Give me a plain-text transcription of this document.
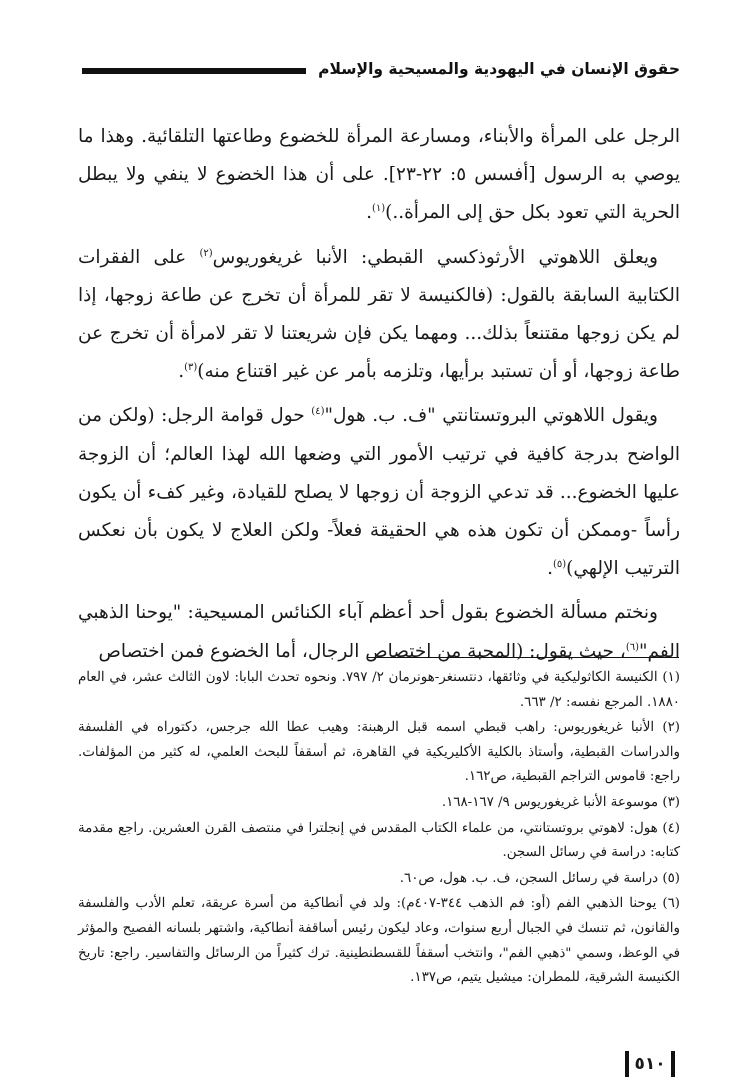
حقوق الإنسان في اليهودية والمسيحية والإسلام

الرجل على المرأة والأبناء، ومسارعة المرأة للخضوع وطاعتها التلقائية. وهذا ما يوصي به الرسول [أفسس ٥: ٢٢-٢٣]. على أن هذا الخضوع لا ينفي ولا يبطل الحرية التي تعود بكل حق إلى المرأة..)$^{(١)}$.

ويعلق اللاهوتي الأرثوذكسي القبطي: الأنبا غريغوريوس$^{(٢)}$ على الفقرات الكتابية السابقة بالقول: (فالكنيسة لا تقر للمرأة أن تخرج عن طاعة زوجها، إذا لم يكن زوجها مقتنعاً بذلك... ومهما يكن فإن شريعتنا لا تقر لامرأة أن تخرج عن طاعة زوجها، أو أن تستبد برأيها، وتلزمه بأمر عن غير اقتناع منه)$^{(٣)}$.

ويقول اللاهوتي البروتستانتي "ف. ب. هول"$^{(٤)}$ حول قوامة الرجل: (ولكن من الواضح بدرجة كافية في ترتيب الأمور التي وضعها الله لهذا العالم؛ أن الزوجة عليها الخضوع... قد تدعي الزوجة أن زوجها لا يصلح للقيادة، وغير كفء أن يكون رأساً -وممكن أن تكون هذه هي الحقيقة فعلاً- ولكن العلاج لا يكون بأن نعكس الترتيب الإلهي)$^{(٥)}$.

ونختم مسألة الخضوع بقول أحد أعظم آباء الكنائس المسيحية: "يوحنا الذهبي الفم"$^{(٦)}$، حيث يقول: (المحبة من اختصاص الرجال، أما الخضوع فمن اختصاص

(١) الكنيسة الكاثوليكية في وثائقها، دنتسنغر-هونرمان ٢/ ٧٩٧. ونحوه تحدث البابا: لاون الثالث عشر، في العام ١٨٨٠. المرجع نفسه: ٢/ ٦٦٣.

(٢) الأنبا غريغوريوس: راهب قبطي اسمه قبل الرهبنة: وهيب عطا الله جرجس، دكتوراه في الفلسفة والدراسات القبطية، وأستاذ بالكلية الأكليريكية في القاهرة، ثم أسقفاً للبحث العلمي، له كثير من المؤلفات. راجع: قاموس التراجم القبطية، ص١٦٢.

(٣) موسوعة الأنبا غريغوريوس ٩/ ١٦٧-١٦٨.

(٤) هول: لاهوتي بروتستانتي، من علماء الكتاب المقدس في إنجلترا في منتصف القرن العشرين. راجع مقدمة كتابه: دراسة في رسائل السجن.

(٥) دراسة في رسائل السجن، ف. ب. هول، ص٦٠.

(٦) يوحنا الذهبي الفم (أو: فم الذهب ٣٤٤-٤٠٧م): ولد في أنطاكية من أسرة عريقة، تعلم الأدب والفلسفة والقانون، ثم تنسك في الجبال أربع سنوات، وعاد ليكون رئيس أساقفة أنطاكية، واشتهر بلسانه الفصيح والمؤثر في الوعظ، وسمي "ذهبي الفم"، وانتخب أسقفاً للقسطنطينية. ترك كثيراً من الرسائل والتفاسير. راجع: تاريخ الكنيسة الشرقية، للمطران: ميشيل يتيم، ص١٣٧.

٥١٠
